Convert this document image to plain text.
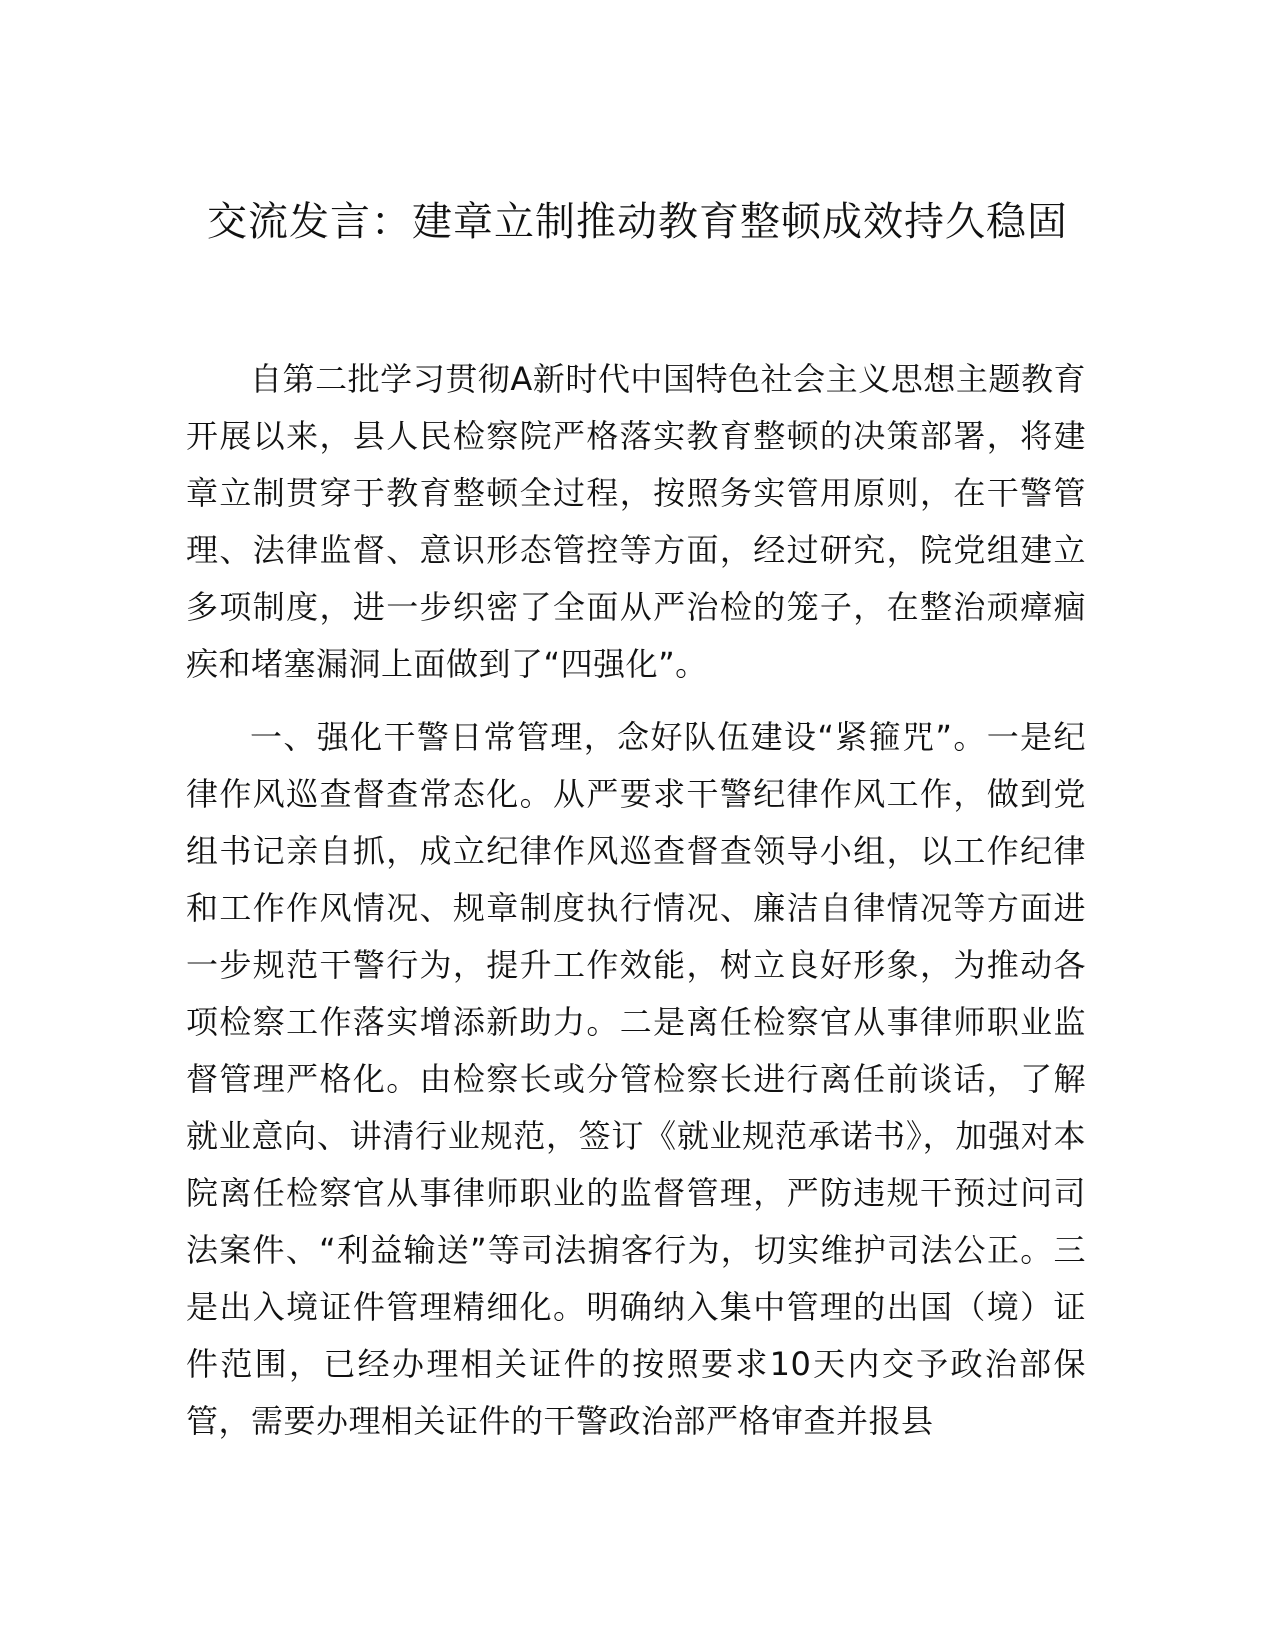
交流发言：建章立制推动教育整顿成效持久稳固

自第二批学习贯彻A新时代中国特色社会主义思想主题教育开展以来，县人民检察院严格落实教育整顿的决策部署，将建章立制贯穿于教育整顿全过程，按照务实管用原则，在干警管理、法律监督、意识形态管控等方面，经过研究，院党组建立多项制度，进一步织密了全面从严治检的笼子，在整治顽瘴痼疾和堵塞漏洞上面做到了“四强化”。

一、强化干警日常管理，念好队伍建设“紧箍咒”。一是纪律作风巡查督查常态化。从严要求干警纪律作风工作，做到党组书记亲自抓，成立纪律作风巡查督查领导小组，以工作纪律和工作作风情况、规章制度执行情况、廉洁自律情况等方面进一步规范干警行为，提升工作效能，树立良好形象，为推动各项检察工作落实增添新助力。二是离任检察官从事律师职业监督管理严格化。由检察长或分管检察长进行离任前谈话，了解就业意向、讲清行业规范，签订《就业规范承诺书》，加强对本院离任检察官从事律师职业的监督管理，严防违规干预过问司法案件、“利益输送”等司法掮客行为，切实维护司法公正。三是出入境证件管理精细化。明确纳入集中管理的出国（境）证件范围，已经办理相关证件的按照要求10天内交予政治部保管，需要办理相关证件的干警政治部严格审查并报县
